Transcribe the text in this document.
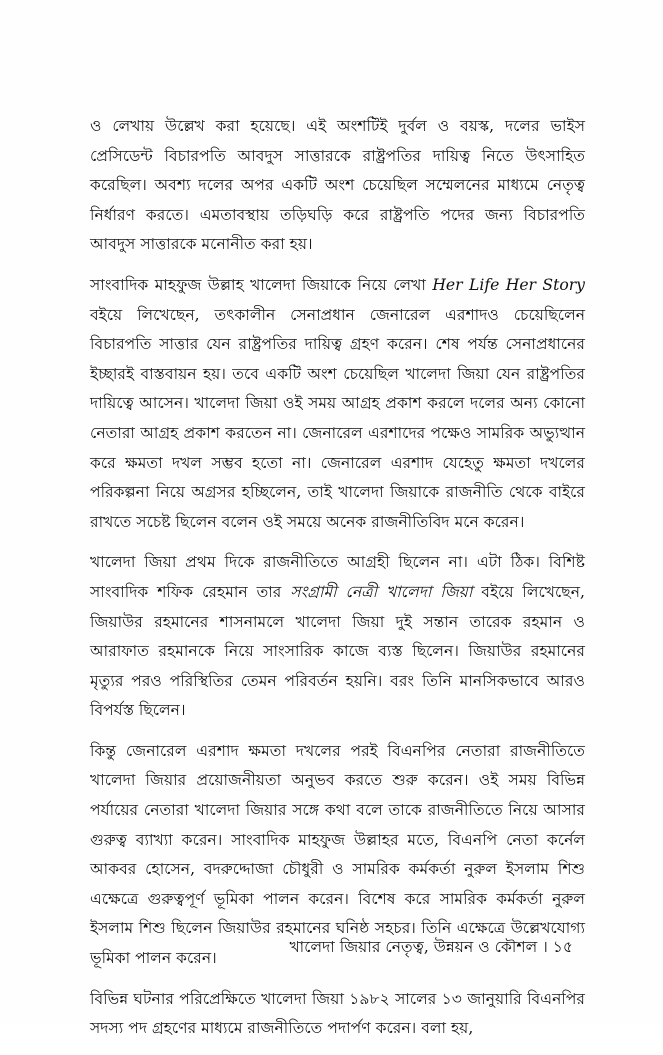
ও লেখায় উল্লেখ করা হয়েছে। এই অংশটিই দুর্বল ও বয়স্ক, দলের ভাইস প্রেসিডেন্ট বিচারপতি আবদুস সাত্তারকে রাষ্ট্রপতির দায়িত্ব নিতে উৎসাহিত করেছিল। অবশ্য দলের অপর একটি অংশ চেয়েছিল সম্মেলনের মাধ্যমে নেতৃত্ব নির্ধারণ করতে। এমতাবস্থায় তড়িঘড়ি করে রাষ্ট্রপতি পদের জন্য বিচারপতি আবদুস সাত্তারকে মনোনীত করা হয়।

সাংবাদিক মাহফুজ উল্লাহ খালেদা জিয়াকে নিয়ে লেখা Her Life Her Story বইয়ে লিখেছেন, তৎকালীন সেনাপ্রধান জেনারেল এরশাদও চেয়েছিলেন বিচারপতি সাত্তার যেন রাষ্ট্রপতির দায়িত্ব গ্রহণ করেন। শেষ পর্যন্ত সেনাপ্রধানের ইচ্ছারই বাস্তবায়ন হয়। তবে একটি অংশ চেয়েছিল খালেদা জিয়া যেন রাষ্ট্রপতির দায়িত্বে আসেন। খালেদা জিয়া ওই সময় আগ্রহ প্রকাশ করলে দলের অন্য কোনো নেতারা আগ্রহ প্রকাশ করতেন না। জেনারেল এরশাদের পক্ষেও সামরিক অভ্যুত্থান করে ক্ষমতা দখল সম্ভব হতো না। জেনারেল এরশাদ যেহেতু ক্ষমতা দখলের পরিকল্পনা নিয়ে অগ্রসর হচ্ছিলেন, তাই খালেদা জিয়াকে রাজনীতি থেকে বাইরে রাখতে সচেষ্ট ছিলেন বলেন ওই সময়ে অনেক রাজনীতিবিদ মনে করেন।

খালেদা জিয়া প্রথম দিকে রাজনীতিতে আগ্রহী ছিলেন না। এটা ঠিক। বিশিষ্ট সাংবাদিক শফিক রেহমান তার সংগ্রামী নেত্রী খালেদা জিয়া বইয়ে লিখেছেন, জিয়াউর রহমানের শাসনামলে খালেদা জিয়া দুই সন্তান তারেক রহমান ও আরাফাত রহমানকে নিয়ে সাংসারিক কাজে ব্যস্ত ছিলেন। জিয়াউর রহমানের মৃত্যুর পরও পরিস্থিতির তেমন পরিবর্তন হয়নি। বরং তিনি মানসিকভাবে আরও বিপর্যস্ত ছিলেন।

কিন্তু জেনারেল এরশাদ ক্ষমতা দখলের পরই বিএনপির নেতারা রাজনীতিতে খালেদা জিয়ার প্রয়োজনীয়তা অনুভব করতে শুরু করেন। ওই সময় বিভিন্ন পর্যায়ের নেতারা খালেদা জিয়ার সঙ্গে কথা বলে তাকে রাজনীতিতে নিয়ে আসার গুরুত্ব ব্যাখ্যা করেন। সাংবাদিক মাহফুজ উল্লাহর মতে, বিএনপি নেতা কর্নেল আকবর হোসেন, বদরুদ্দোজা চৌধুরী ও সামরিক কর্মকর্তা নুরুল ইসলাম শিশু এক্ষেত্রে গুরুত্বপূর্ণ ভূমিকা পালন করেন। বিশেষ করে সামরিক কর্মকর্তা নুরুল ইসলাম শিশু ছিলেন জিয়াউর রহমানের ঘনিষ্ঠ সহচর। তিনি এক্ষেত্রে উল্লেখযোগ্য ভূমিকা পালন করেন।

বিভিন্ন ঘটনার পরিপ্রেক্ষিতে খালেদা জিয়া ১৯৮২ সালের ১৩ জানুয়ারি বিএনপির সদস্য পদ গ্রহণের মাধ্যমে রাজনীতিতে পদার্পণ করেন। বলা হয়,

খালেদা জিয়ার নেতৃত্ব, উন্নয়ন ও কৌশল । ১৫
